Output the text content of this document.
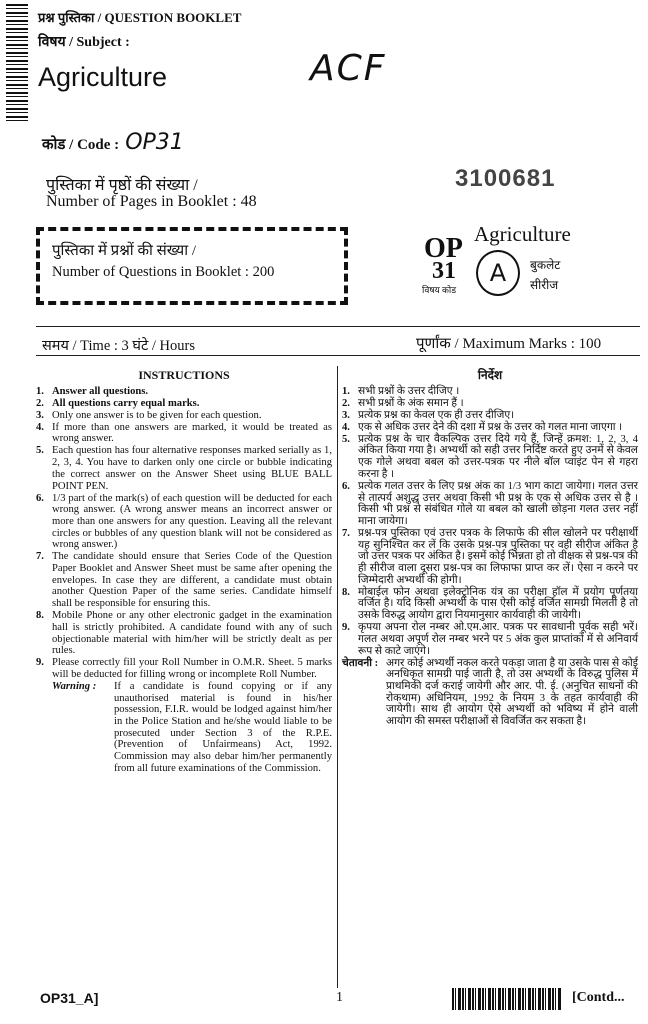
प्रश्न पुस्तिका / QUESTION BOOKLET
विषय / Subject :
Agriculture	ACF
कोड / Code : OP31
3100681
पुस्तिका में पृष्ठों की संख्या /
Number of Pages in Booklet : 48
पुस्तिका में प्रश्नों की संख्या /
Number of Questions in Booklet : 200
OP
31
विषय कोड
Agriculture
A	बुकलेट
सीरीज
समय / Time : 3 घंटे / Hours	पूर्णांक / Maximum Marks : 100
INSTRUCTIONS
1. Answer all questions.
2. All questions carry equal marks.
3. Only one answer is to be given for each question.
4. If more than one answers are marked, it would be treated as wrong answer.
5. Each question has four alternative responses marked serially as 1, 2, 3, 4. You have to darken only one circle or bubble indicating the correct answer on the Answer Sheet using BLUE BALL POINT PEN.
6. 1/3 part of the mark(s) of each question will be deducted for each wrong answer. (A wrong answer means an incorrect answer or more than one answers for any question. Leaving all the relevant circles or bubbles of any question blank will not be considered as wrong answer.)
7. The candidate should ensure that Series Code of the Question Paper Booklet and Answer Sheet must be same after opening the envelopes. In case they are different, a candidate must obtain another Question Paper of the same series. Candidate himself shall be responsible for ensuring this.
8. Mobile Phone or any other electronic gadget in the examination hall is strictly prohibited. A candidate found with any of such objectionable material with him/her will be strictly dealt as per rules.
9. Please correctly fill your Roll Number in O.M.R. Sheet. 5 marks will be deducted for filling wrong or incomplete Roll Number.
Warning :	If a candidate is found copying or if any unauthorised material is found in his/her possession, F.I.R. would be lodged against him/her in the Police Station and he/she would liable to be prosecuted under Section 3 of the R.P.E. (Prevention of Unfairmeans) Act, 1992. Commission may also debar him/her permanently from all future examinations of the Commission.
निर्देश
1. सभी प्रश्नों के उत्तर दीजिए ।
2. सभी प्रश्नों के अंक समान हैं ।
3. प्रत्येक प्रश्न का केवल एक ही उत्तर दीजिए।
4. एक से अधिक उत्तर देने की दशा में प्रश्न के उत्तर को गलत माना जाएगा ।
5. प्रत्येक प्रश्न के चार वैकल्पिक उत्तर दिये गये हैं, जिन्हें क्रमश: 1, 2, 3, 4 अंकित किया गया है। अभ्यर्थी को सही उत्तर निर्दिष्ट करते हुए उनमें से केवल एक गोले अथवा बबल को उत्तर-पत्रक पर नीले बॉल प्वाइंट पेन से गहरा करना है ।
6. प्रत्येक गलत उत्तर के लिए प्रश्न अंक का 1/3 भाग काटा जायेगा। गलत उत्तर से तात्पर्य अशुद्ध उत्तर अथवा किसी भी प्रश्न के एक से अधिक उत्तर से है । किसी भी प्रश्न से संबंधित गोले या बबल को खाली छोड़ना गलत उत्तर नहीं माना जायेगा।
7. प्रश्न-पत्र पुस्तिका एवं उत्तर पत्रक के लिफाफे की सील खोलने पर परीक्षार्थी यह सुनिश्चित कर लें कि उसके प्रश्न-पत्र पुस्तिका पर वही सीरीज अंकित है जो उत्तर पत्रक पर अंकित है। इसमें कोई भिन्नता हो तो वीक्षक से प्रश्न-पत्र की ही सीरीज वाला दूसरा प्रश्न-पत्र का लिफाफा प्राप्त कर लें। ऐसा न करने पर जिम्मेदारी अभ्यर्थी की होगी।
8. मोबाईल फोन अथवा इलेक्ट्रोनिक यंत्र का परीक्षा हॉल में प्रयोग पूर्णतया वर्जित है। यदि किसी अभ्यर्थी के पास ऐसी कोई वर्जित सामग्री मिलती है तो उसके विरुद्ध आयोग द्वारा नियमानुसार कार्यवाही की जायेगी।
9. कृपया अपना रोल नम्बर ओ.एम.आर. पत्रक पर सावधानी पूर्वक सही भरें। गलत अथवा अपूर्ण रोल नम्बर भरने पर 5 अंक कुल प्राप्तांकों में से अनिवार्य रूप से काटे जाएंगे।
चेतावनी : अगर कोई अभ्यर्थी नकल करते पकड़ा जाता है या उसके पास से कोई अनधिकृत सामग्री पाई जाती है, तो उस अभ्यर्थी के विरुद्ध पुलिस में प्राथमिकी दर्ज कराई जायेगी और आर. पी. ई. (अनुचित साधनों की रोकथाम) अधिनियम, 1992 के नियम 3 के तहत कार्यवाही की जायेगी। साथ ही आयोग ऐसे अभ्यर्थी को भविष्य में होने वाली आयोग की समस्त परीक्षाओं से विवर्जित कर सकता है।
OP31_A]	1	[Contd...
